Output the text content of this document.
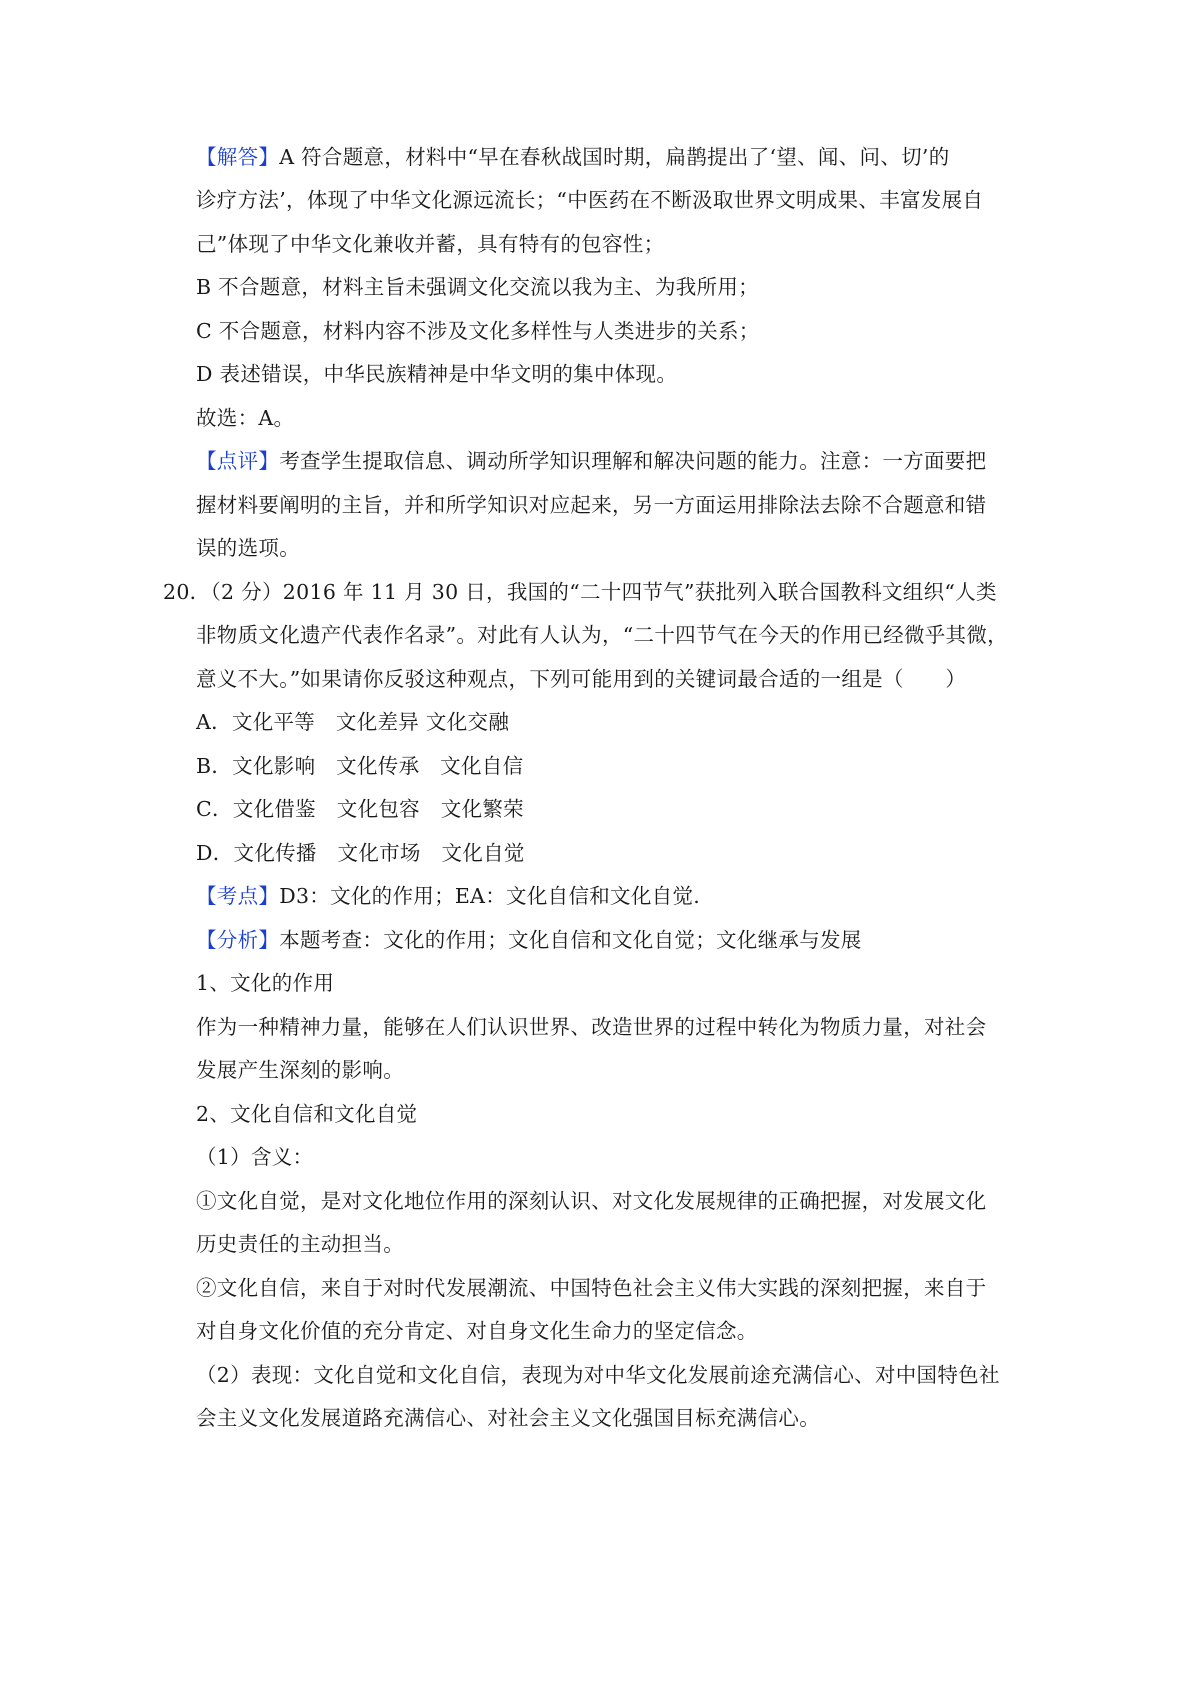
【解答】A 符合题意，材料中“早在春秋战国时期，扁鹊提出了‘望、闻、问、切’的
诊疗方法’，体现了中华文化源远流长；“中医药在不断汲取世界文明成果、丰富发展自
己”体现了中华文化兼收并蓄，具有特有的包容性；
B 不合题意，材料主旨未强调文化交流以我为主、为我所用；
C 不合题意，材料内容不涉及文化多样性与人类进步的关系；
D 表述错误，中华民族精神是中华文明的集中体现。
故选：A。
【点评】考查学生提取信息、调动所学知识理解和解决问题的能力。注意：一方面要把
握材料要阐明的主旨，并和所学知识对应起来，另一方面运用排除法去除不合题意和错
误的选项。
20．（2 分）2016 年 11 月 30 日，我国的“二十四节气”获批列入联合国教科文组织“人类
非物质文化遗产代表作名录”。对此有人认为，“二十四节气在今天的作用已经微乎其微，
意义不大。”如果请你反驳这种观点，下列可能用到的关键词最合适的一组是（　　）
A．文化平等　文化差异 文化交融
B．文化影响　文化传承　文化自信
C．文化借鉴　文化包容　文化繁荣
D．文化传播　文化市场　文化自觉
【考点】D3：文化的作用；EA：文化自信和文化自觉.
【分析】本题考查：文化的作用；文化自信和文化自觉；文化继承与发展
1、文化的作用
作为一种精神力量，能够在人们认识世界、改造世界的过程中转化为物质力量，对社会
发展产生深刻的影响。
2、文化自信和文化自觉
（1）含义：
①文化自觉，是对文化地位作用的深刻认识、对文化发展规律的正确把握，对发展文化
历史责任的主动担当。
②文化自信，来自于对时代发展潮流、中国特色社会主义伟大实践的深刻把握，来自于
对自身文化价值的充分肯定、对自身文化生命力的坚定信念。
（2）表现：文化自觉和文化自信，表现为对中华文化发展前途充满信心、对中国特色社
会主义文化发展道路充满信心、对社会主义文化强国目标充满信心。
